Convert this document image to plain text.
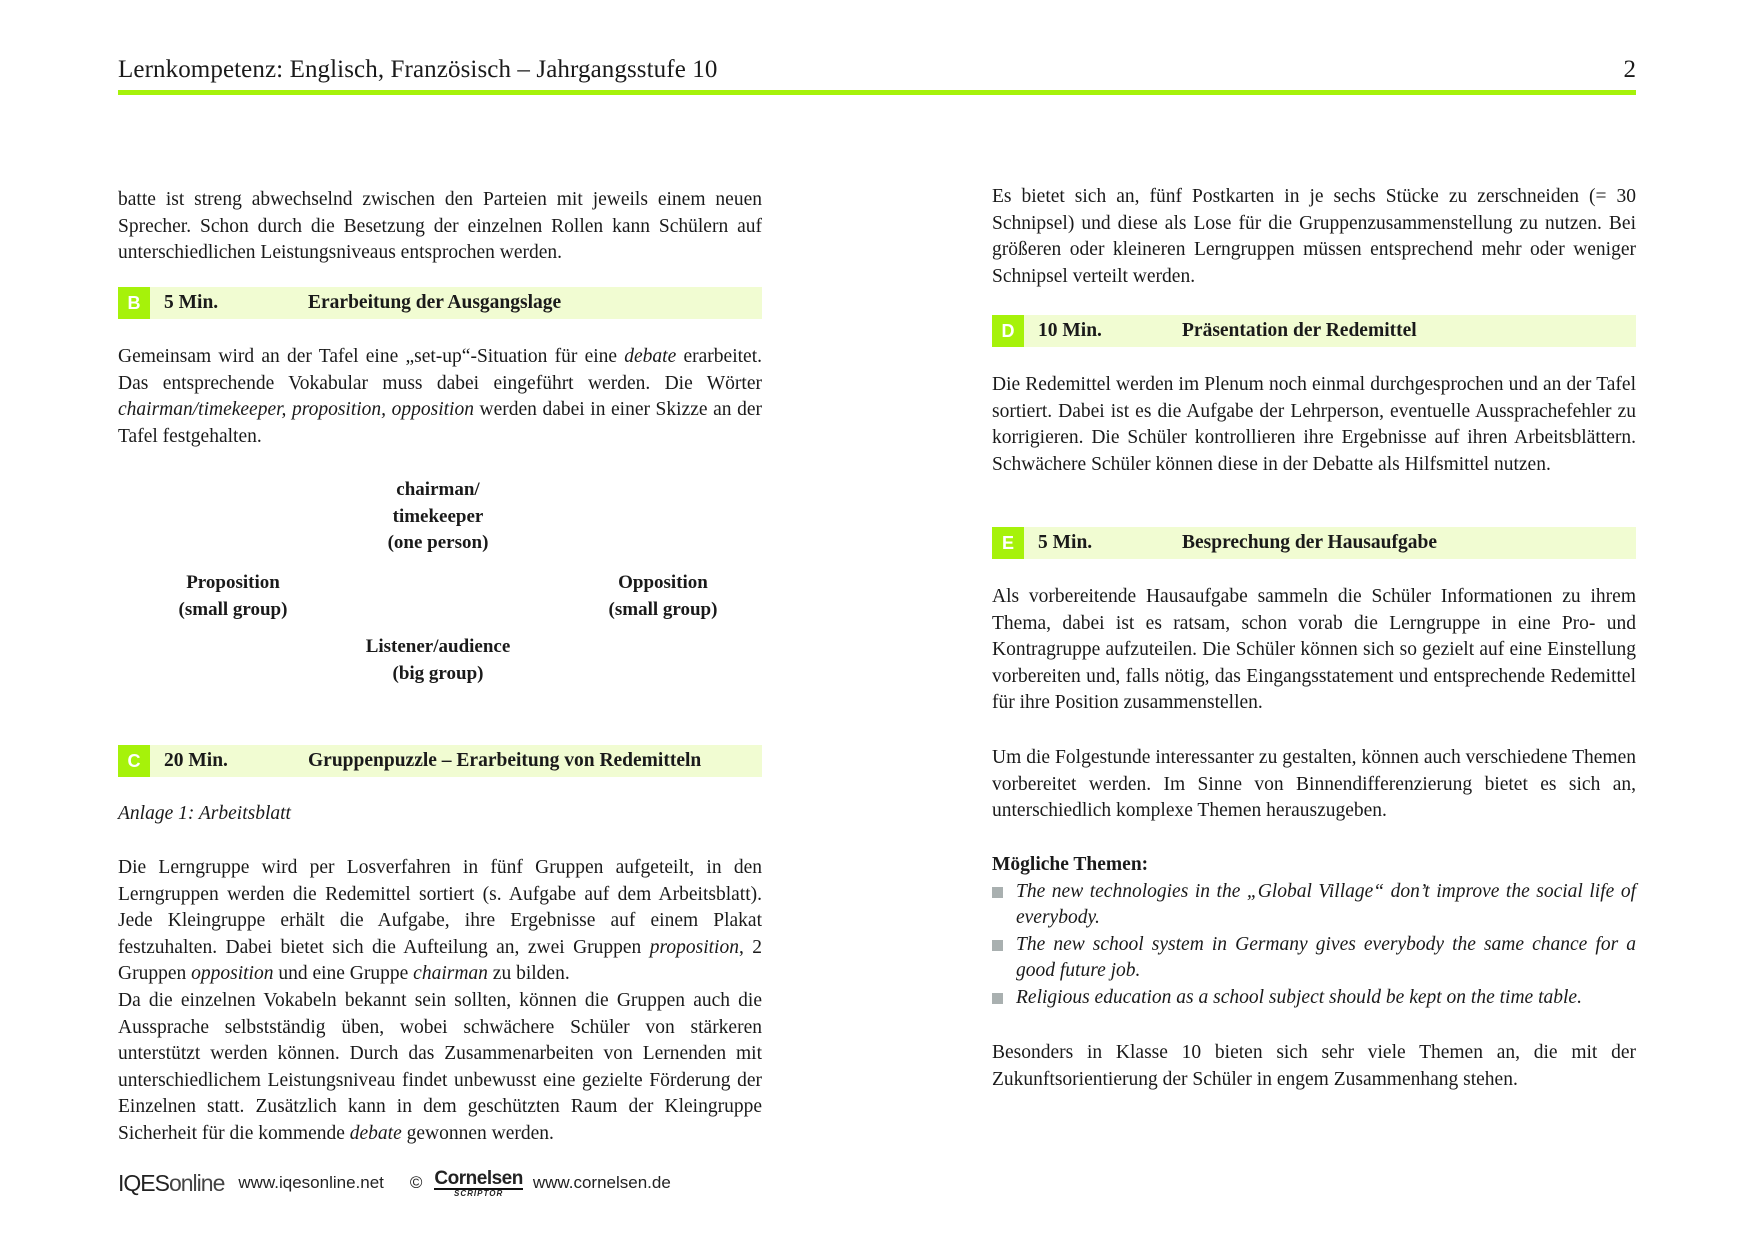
Lernkompetenz: Englisch, Französisch – Jahrgangsstufe 10	2

batte ist streng abwechselnd zwischen den Parteien mit jeweils einem neuen Sprecher. Schon durch die Besetzung der einzelnen Rollen kann Schülern auf unterschiedlichen Leistungsniveaus entsprochen werden.

B	5 Min.	Erarbeitung der Ausgangslage

Gemeinsam wird an der Tafel eine „set-up“-Situation für eine debate erarbeitet. Das entsprechende Vokabular muss dabei eingeführt werden. Die Wörter chairman/timekeeper, proposition, opposition werden dabei in einer Skizze an der Tafel festgehalten.

chairman/
timekeeper
(one person)
Proposition
(small group)
Opposition
(small group)
Listener/audience
(big group)
C	20 Min.	Gruppenpuzzle – Erarbeitung von Redemitteln

Anlage 1: Arbeitsblatt

Die Lerngruppe wird per Losverfahren in fünf Gruppen aufgeteilt, in den Lerngruppen werden die Redemittel sortiert (s. Aufgabe auf dem Arbeitsblatt). Jede Kleingruppe erhält die Aufgabe, ihre Ergebnisse auf einem Plakat festzuhalten. Dabei bietet sich die Aufteilung an, zwei Gruppen proposition, 2 Gruppen opposition und eine Gruppe chairman zu bilden.

Da die einzelnen Vokabeln bekannt sein sollten, können die Gruppen auch die Aussprache selbstständig üben, wobei schwächere Schüler von stärkeren unterstützt werden können. Durch das Zusammenarbeiten von Lernenden mit unterschiedlichem Leistungsniveau findet unbewusst eine gezielte Förderung der Einzelnen statt. Zusätzlich kann in dem geschützten Raum der Kleingruppe Sicherheit für die kommende debate gewonnen werden.

Es bietet sich an, fünf Postkarten in je sechs Stücke zu zerschneiden (= 30 Schnipsel) und diese als Lose für die Gruppenzusammenstellung zu nutzen. Bei größeren oder kleineren Lerngruppen müssen entsprechend mehr oder weniger Schnipsel verteilt werden.

D	10 Min.	Präsentation der Redemittel

Die Redemittel werden im Plenum noch einmal durchgesprochen und an der Tafel sortiert. Dabei ist es die Aufgabe der Lehrperson, eventuelle Aussprachefehler zu korrigieren. Die Schüler kontrollieren ihre Ergebnisse auf ihren Arbeitsblättern. Schwächere Schüler können diese in der Debatte als Hilfsmittel nutzen.

E	5 Min.	Besprechung der Hausaufgabe

Als vorbereitende Hausaufgabe sammeln die Schüler Informationen zu ihrem Thema, dabei ist es ratsam, schon vorab die Lerngruppe in eine Pro- und Kontragruppe aufzuteilen. Die Schüler können sich so gezielt auf eine Einstellung vorbereiten und, falls nötig, das Eingangsstatement und entsprechende Redemittel für ihre Position zusammenstellen.

Um die Folgestunde interessanter zu gestalten, können auch verschiedene Themen vorbereitet werden. Im Sinne von Binnendifferenzierung bietet es sich an, unterschiedlich komplexe Themen herauszugeben.

Mögliche Themen:
The new technologies in the „Global Village“ don’t improve the social life of everybody.
The new school system in Germany gives everybody the same chance for a good future job.
Religious education as a school subject should be kept on the time table.

Besonders in Klasse 10 bieten sich sehr viele Themen an, die mit der Zukunftsorientierung der Schüler in engem Zusammenhang stehen.

IQESonline www.iqesonline.net © Cornelsen
SCRIPTOR
www.cornelsen.de
